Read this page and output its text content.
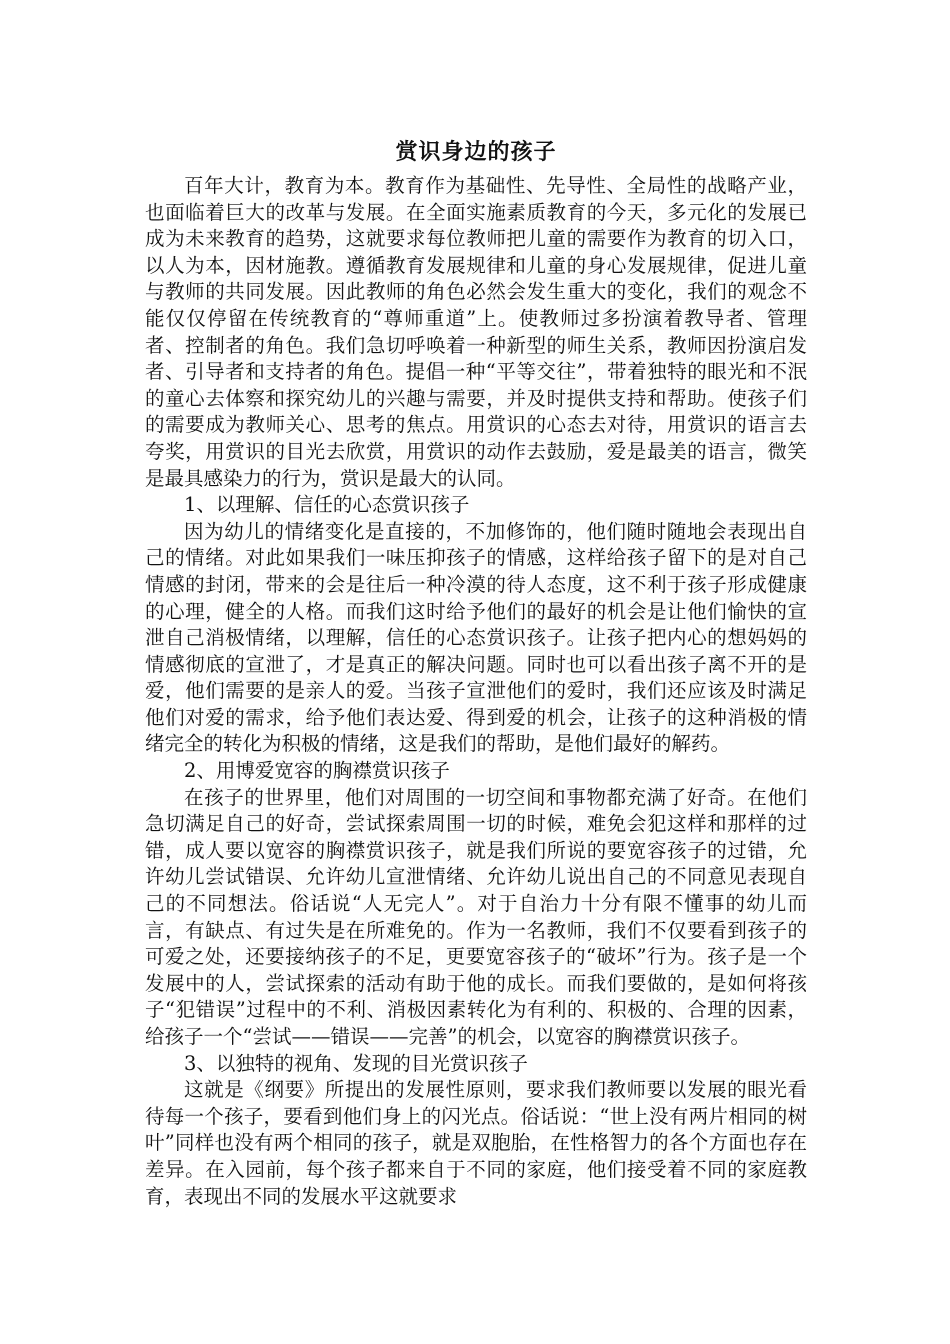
赏识身边的孩子

百年大计，教育为本。教育作为基础性、先导性、全局性的战略产业，也面临着巨大的改革与发展。在全面实施素质教育的今天，多元化的发展已成为未来教育的趋势，这就要求每位教师把儿童的需要作为教育的切入口，以人为本，因材施教。遵循教育发展规律和儿童的身心发展规律，促进儿童与教师的共同发展。因此教师的角色必然会发生重大的变化，我们的观念不能仅仅停留在传统教育的“尊师重道”上。使教师过多扮演着教导者、管理者、控制者的角色。我们急切呼唤着一种新型的师生关系，教师因扮演启发者、引导者和支持者的角色。提倡一种“平等交往”，带着独特的眼光和不泯的童心去体察和探究幼儿的兴趣与需要，并及时提供支持和帮助。使孩子们的需要成为教师关心、思考的焦点。用赏识的心态去对待，用赏识的语言去夸奖，用赏识的目光去欣赏，用赏识的动作去鼓励，爱是最美的语言，微笑是最具感染力的行为，赏识是最大的认同。

1、以理解、信任的心态赏识孩子

因为幼儿的情绪变化是直接的，不加修饰的，他们随时随地会表现出自己的情绪。对此如果我们一味压抑孩子的情感，这样给孩子留下的是对自己情感的封闭，带来的会是往后一种冷漠的待人态度，这不利于孩子形成健康的心理，健全的人格。而我们这时给予他们的最好的机会是让他们愉快的宣泄自己消极情绪，以理解，信任的心态赏识孩子。让孩子把内心的想妈妈的情感彻底的宣泄了，才是真正的解决问题。同时也可以看出孩子离不开的是爱，他们需要的是亲人的爱。当孩子宣泄他们的爱时，我们还应该及时满足他们对爱的需求，给予他们表达爱、得到爱的机会，让孩子的这种消极的情绪完全的转化为积极的情绪，这是我们的帮助，是他们最好的解药。

2、用博爱宽容的胸襟赏识孩子

在孩子的世界里，他们对周围的一切空间和事物都充满了好奇。在他们急切满足自己的好奇，尝试探索周围一切的时候，难免会犯这样和那样的过错，成人要以宽容的胸襟赏识孩子，就是我们所说的要宽容孩子的过错，允许幼儿尝试错误、允许幼儿宣泄情绪、允许幼儿说出自己的不同意见表现自己的不同想法。俗话说“人无完人”。对于自治力十分有限不懂事的幼儿而言，有缺点、有过失是在所难免的。作为一名教师，我们不仅要看到孩子的可爱之处，还要接纳孩子的不足，更要宽容孩子的“破坏”行为。孩子是一个发展中的人，尝试探索的活动有助于他的成长。而我们要做的，是如何将孩子“犯错误”过程中的不利、消极因素转化为有利的、积极的、合理的因素，给孩子一个“尝试——错误——完善”的机会，以宽容的胸襟赏识孩子。

3、以独特的视角、发现的目光赏识孩子

这就是《纲要》所提出的发展性原则，要求我们教师要以发展的眼光看待每一个孩子，要看到他们身上的闪光点。俗话说：“世上没有两片相同的树叶”同样也没有两个相同的孩子，就是双胞胎，在性格智力的各个方面也存在差异。在入园前，每个孩子都来自于不同的家庭，他们接受着不同的家庭教育，表现出不同的发展水平这就要求
